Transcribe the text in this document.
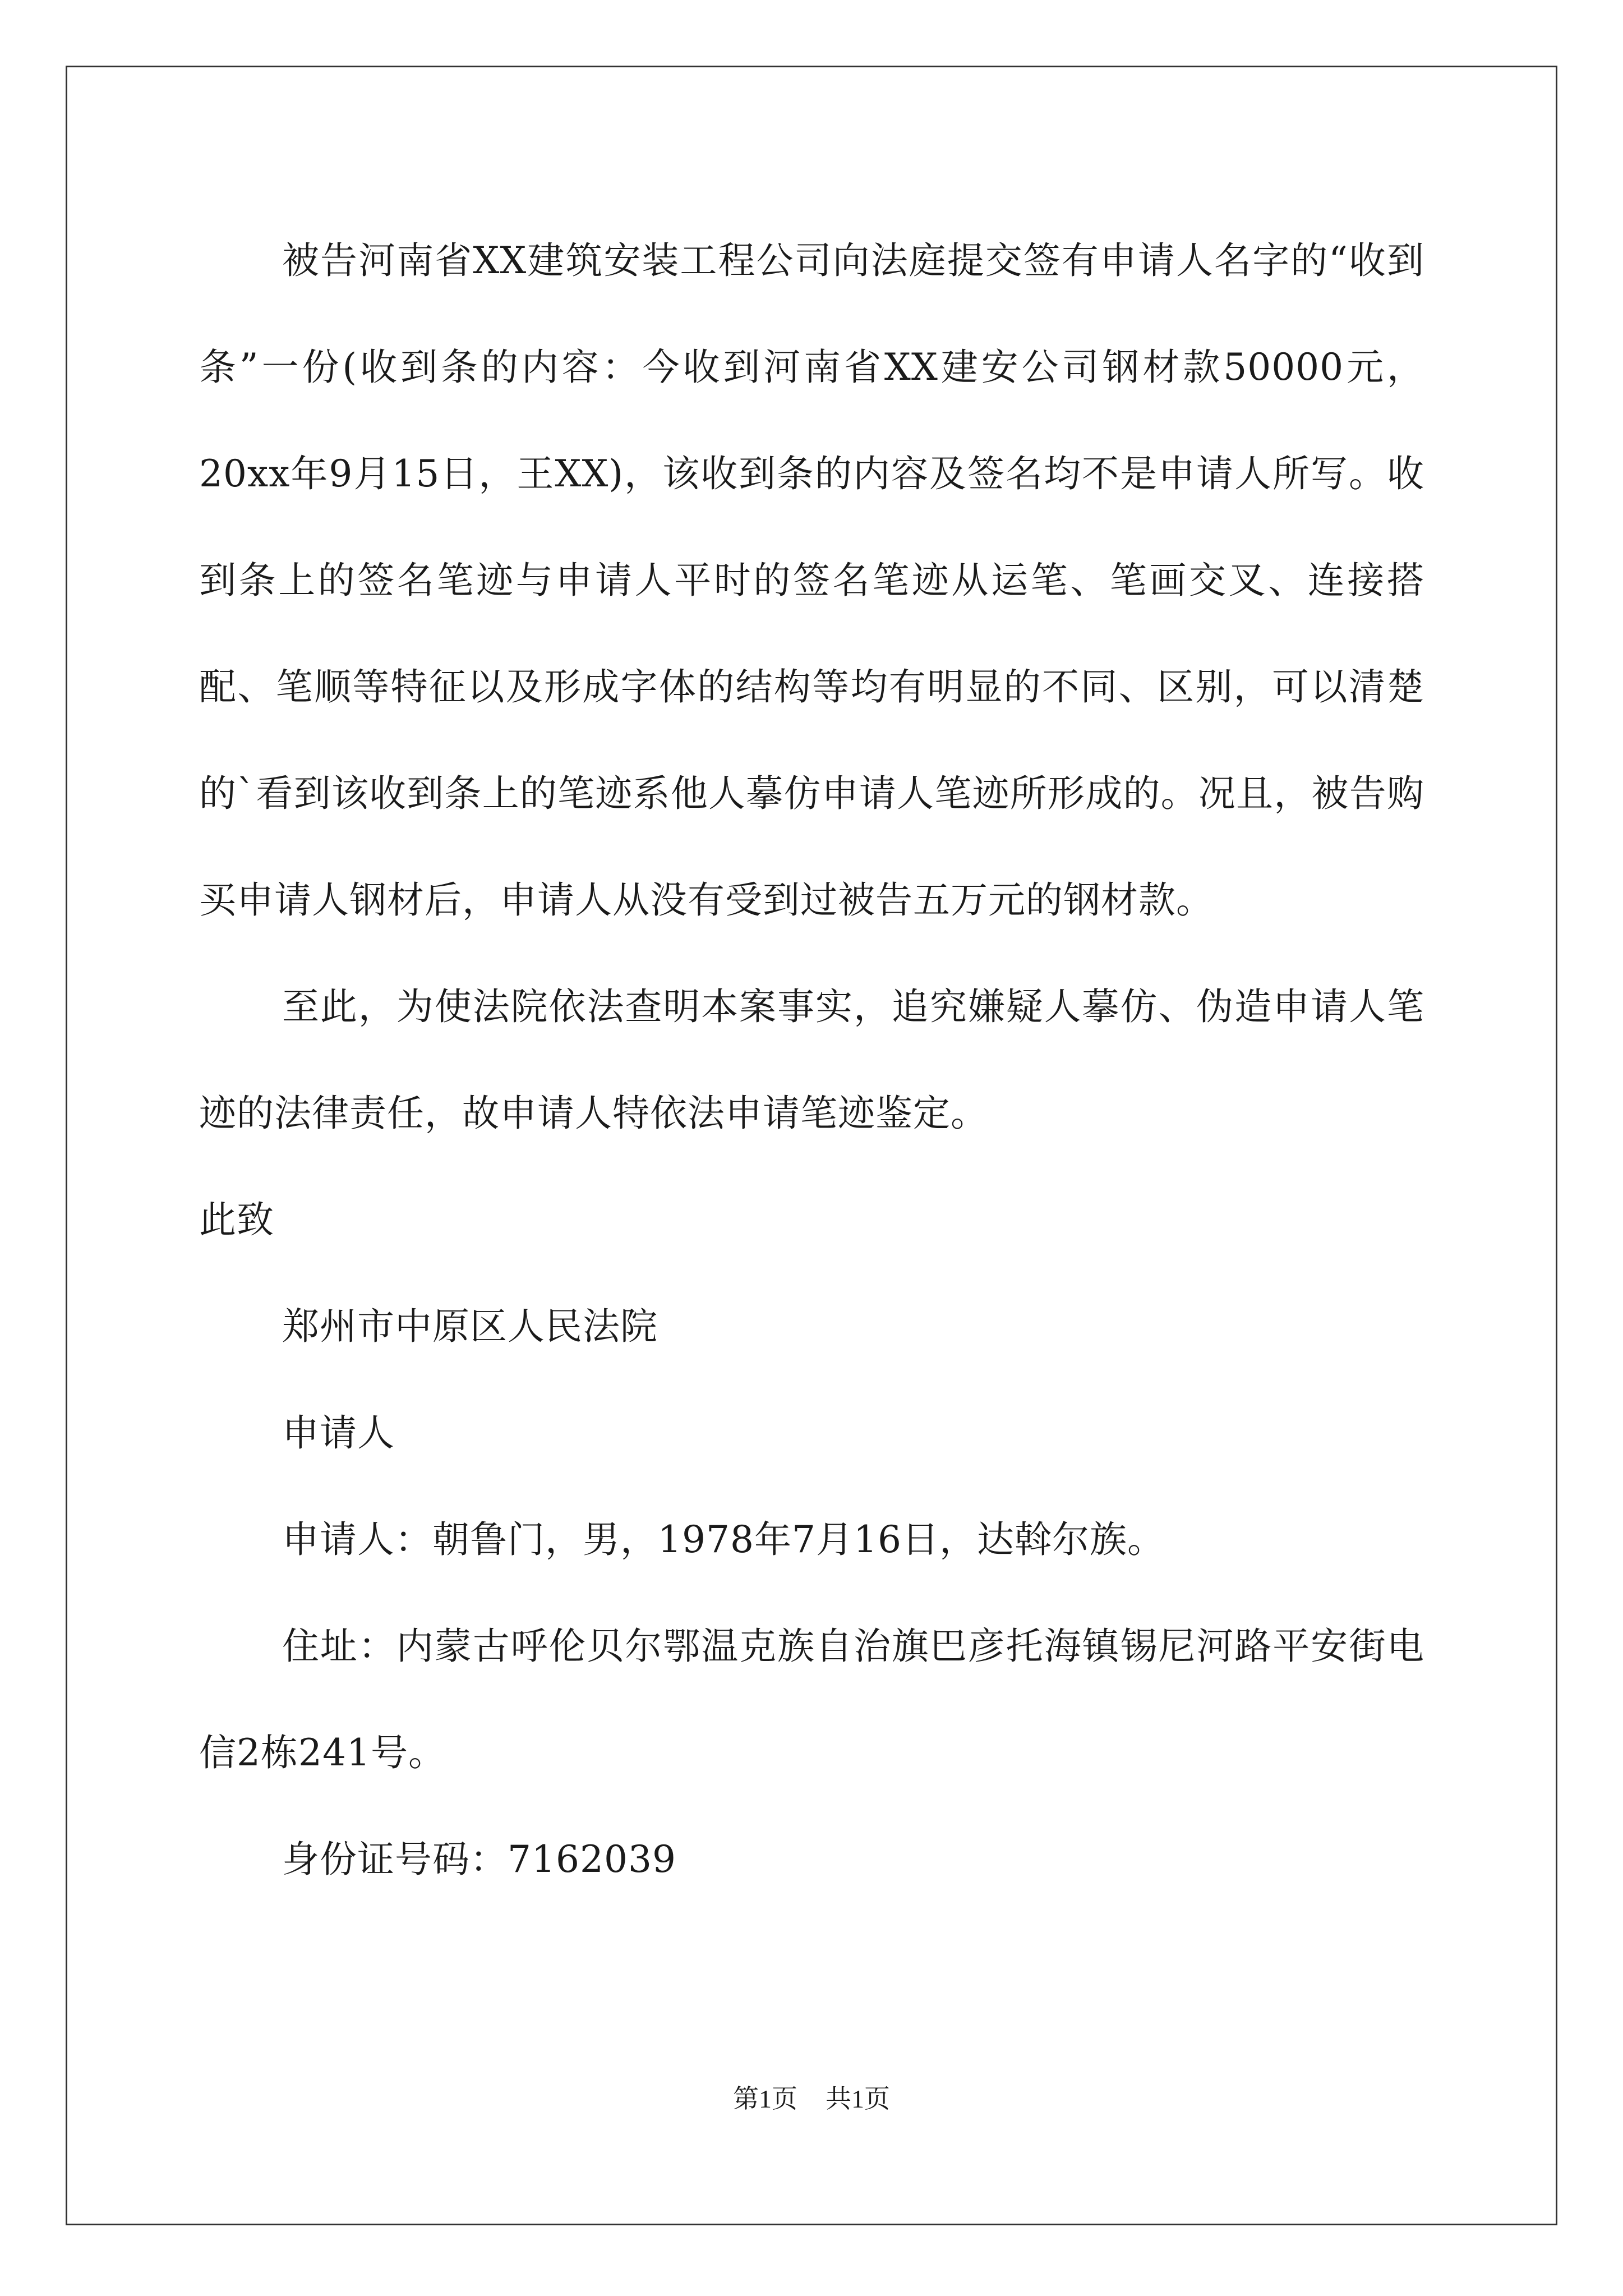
被告河南省XX建筑安装工程公司向法庭提交签有申请人名字的“收到条”一份(收到条的内容：今收到河南省XX建安公司钢材款50000元，20xx年9月15日，王XX)，该收到条的内容及签名均不是申请人所写。收到条上的签名笔迹与申请人平时的签名笔迹从运笔、笔画交叉、连接搭配、笔顺等特征以及形成字体的结构等均有明显的不同、区别，可以清楚的`看到该收到条上的笔迹系他人摹仿申请人笔迹所形成的。况且，被告购买申请人钢材后，申请人从没有受到过被告五万元的钢材款。

至此，为使法院依法查明本案事实，追究嫌疑人摹仿、伪造申请人笔迹的法律责任，故申请人特依法申请笔迹鉴定。

此致

郑州市中原区人民法院

申请人

申请人：朝鲁门，男，1978年7月16日，达斡尔族。

住址：内蒙古呼伦贝尔鄂温克族自治旗巴彦托海镇锡尼河路平安街电信2栋241号。

身份证号码：7162039

第1页 共1页
